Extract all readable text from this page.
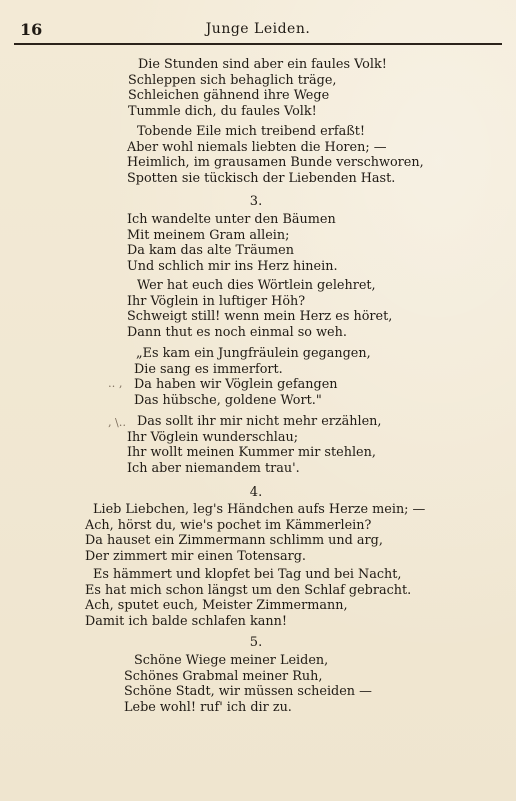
16	Junge Leiden.
Die Stunden sind aber ein faules Volk!
Schleppen sich behaglich träge,
Schleichen gähnend ihre Wege
Tummle dich, du faules Volk!
Tobende Eile mich treibend erfaßt!
Aber wohl niemals liebten die Horen; —
Heimlich, im grausamen Bunde verschworen,
Spotten sie tückisch der Liebenden Hast.
3.
Ich wandelte unter den Bäumen
Mit meinem Gram allein;
Da kam das alte Träumen
Und schlich mir ins Herz hinein.
Wer hat euch dies Wörtlein gelehret,
Ihr Vöglein in luftiger Höh?
Schweigt still! wenn mein Herz es höret,
Dann thut es noch einmal so weh.
„Es kam ein Jungfräulein gegangen,
Die sang es immerfort.
Da haben wir Vöglein gefangen
Das hübsche, goldene Wort."
Das sollt ihr mir nicht mehr erzählen,
Ihr Vöglein wunderschlau;
Ihr wollt meinen Kummer mir stehlen,
Ich aber niemandem trau'.
‥ ‚
‚ \‥
4.
Lieb Liebchen, leg's Händchen aufs Herze mein; —
Ach, hörst du, wie's pochet im Kämmerlein?
Da hauset ein Zimmermann schlimm und arg,
Der zimmert mir einen Totensarg.
Es hämmert und klopfet bei Tag und bei Nacht,
Es hat mich schon längst um den Schlaf gebracht.
Ach, sputet euch, Meister Zimmermann,
Damit ich balde schlafen kann!
5.
Schöne Wiege meiner Leiden,
Schönes Grabmal meiner Ruh,
Schöne Stadt, wir müssen scheiden —
Lebe wohl! ruf' ich dir zu.
